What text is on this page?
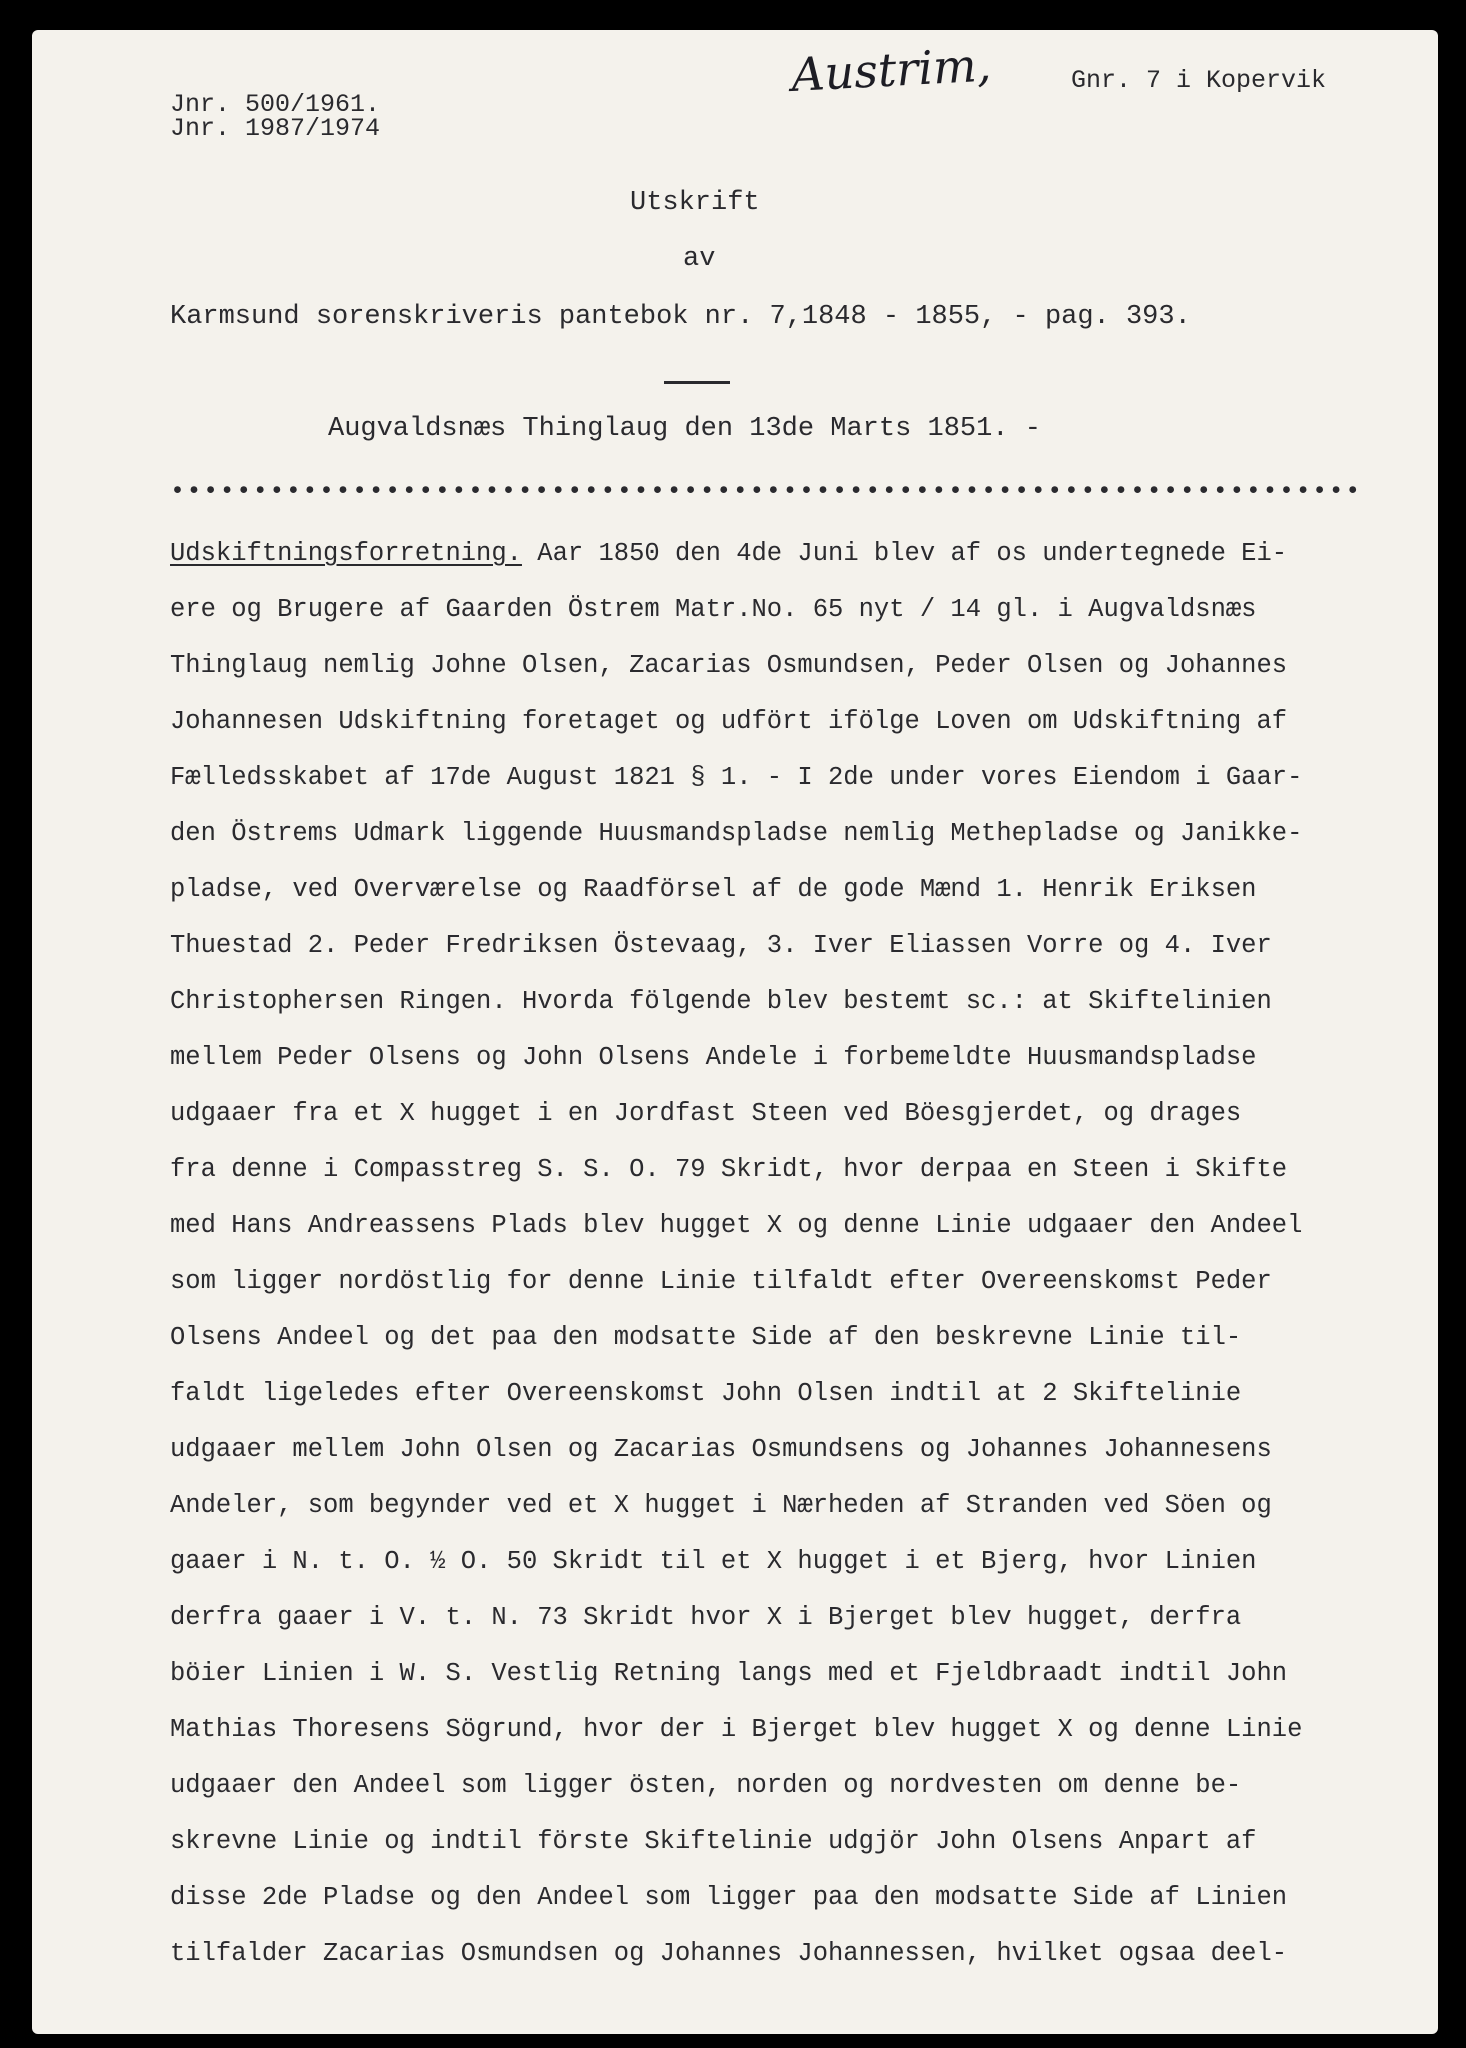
Jnr. 500/1961.

Jnr. 1987/1974

Austrim,	Gnr. 7 i Kopervik

Utskrift

av

Karmsund sorenskriveris pantebok nr. 7,1848 - 1855, - pag. 393.

Augvaldsnæs Thinglaug den 13de Marts 1851. -

••••••••••••••••••••••••••••••••••••••••••••••••••••••••••••••••••••••••
Udskiftningsforretning. Aar 1850 den 4de Juni blev af os undertegnede Ei-
ere og Brugere af Gaarden Östrem Matr.No. 65 nyt / 14 gl. i Augvaldsnæs
Thinglaug nemlig Johne Olsen, Zacarias Osmundsen, Peder Olsen og Johannes
Johannesen Udskiftning foretaget og udfört ifölge Loven om Udskiftning af
Fælledsskabet af 17de August 1821 § 1. - I 2de under vores Eiendom i Gaar-
den Östrems Udmark liggende Huusmandspladse nemlig Methepladse og Janikke-
pladse, ved Overværelse og Raadförsel af de gode Mænd 1. Henrik Eriksen
Thuestad 2. Peder Fredriksen Östevaag, 3. Iver Eliassen Vorre og 4. Iver
Christophersen Ringen. Hvorda fölgende blev bestemt sc.: at Skiftelinien
mellem Peder Olsens og John Olsens Andele i forbemeldte Huusmandspladse
udgaaer fra et X hugget i en Jordfast Steen ved Böesgjerdet, og drages
fra denne i Compasstreg S. S. O. 79 Skridt, hvor derpaa en Steen i Skifte
med Hans Andreassens Plads blev hugget X og denne Linie udgaaer den Andeel
som ligger nordöstlig for denne Linie tilfaldt efter Overeenskomst Peder
Olsens Andeel og det paa den modsatte Side af den beskrevne Linie til-
faldt ligeledes efter Overeenskomst John Olsen indtil at 2 Skiftelinie
udgaaer mellem John Olsen og Zacarias Osmundsens og Johannes Johannesens
Andeler, som begynder ved et X hugget i Nærheden af Stranden ved Söen og
gaaer i N. t. O. ½ O. 50 Skridt til et X hugget i et Bjerg, hvor Linien
derfra gaaer i V. t. N. 73 Skridt hvor X i Bjerget blev hugget, derfra
böier Linien i W. S. Vestlig Retning langs med et Fjeldbraadt indtil John
Mathias Thoresens Sögrund, hvor der i Bjerget blev hugget X og denne Linie
udgaaer den Andeel som ligger östen, norden og nordvesten om denne be-
skrevne Linie og indtil förste Skiftelinie udgjör John Olsens Anpart af
disse 2de Pladse og den Andeel som ligger paa den modsatte Side af Linien
tilfalder Zacarias Osmundsen og Johannes Johannessen, hvilket ogsaa deel-
